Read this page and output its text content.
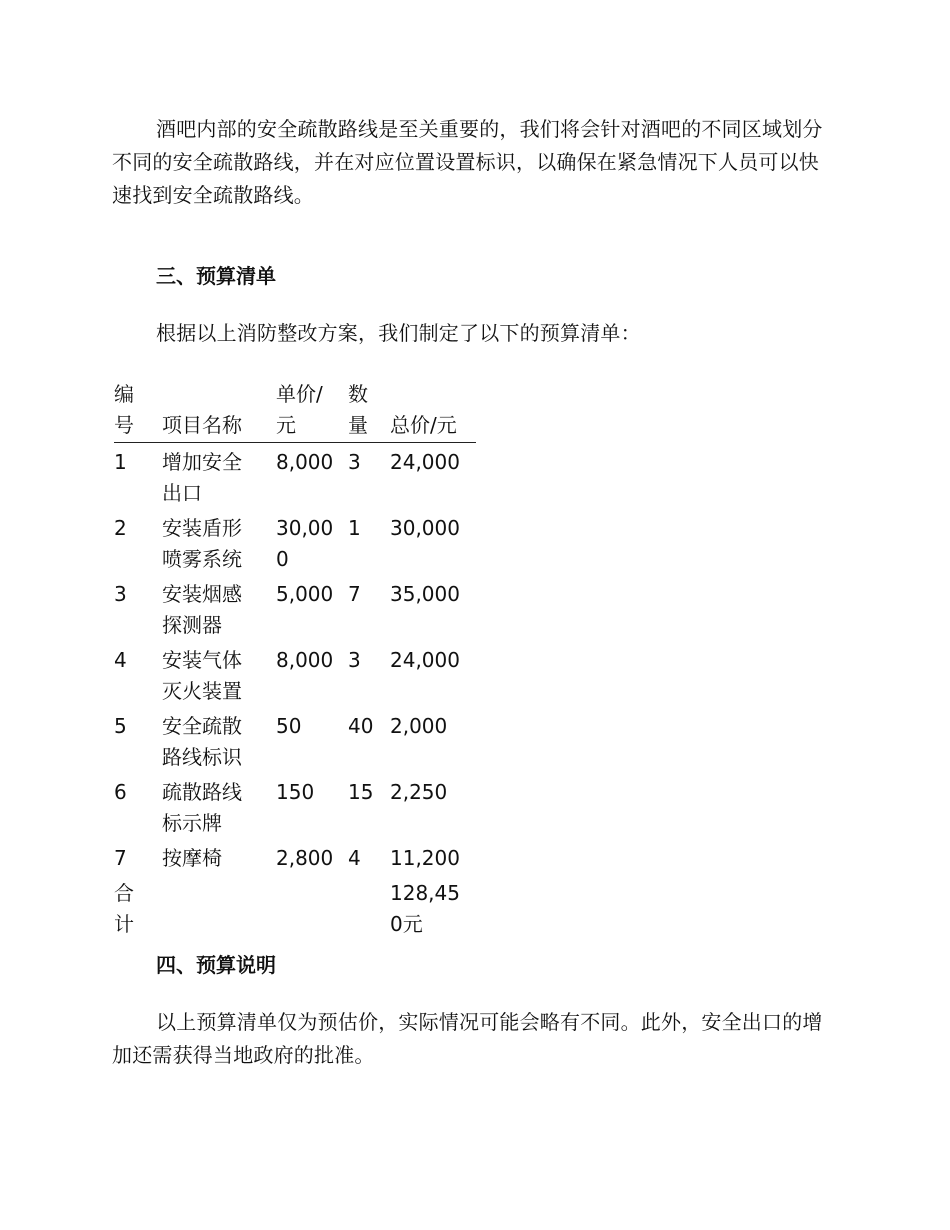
酒吧内部的安全疏散路线是至关重要的，我们将会针对酒吧的不同区域划分不同的安全疏散路线，并在对应位置设置标识，以确保在紧急情况下人员可以快速找到安全疏散路线。

三、预算清单

根据以上消防整改方案，我们制定了以下的预算清单：

编号	项目名称	单价/元	数量	总价/元
1	增加安全出口	8,000	3	24,000

2	安装盾形喷雾系统	30,000	1	30,000

3	安装烟感探测器	5,000	7	35,000

4	安装气体灭火装置	8,000	3	24,000

5	安全疏散路线标识	50	40	2,000

6	疏散路线标示牌	150	15	2,250

7	按摩椅	2,800	4	11,200

合计				128,450元
四、预算说明

以上预算清单仅为预估价，实际情况可能会略有不同。此外，安全出口的增加还需获得当地政府的批准。
